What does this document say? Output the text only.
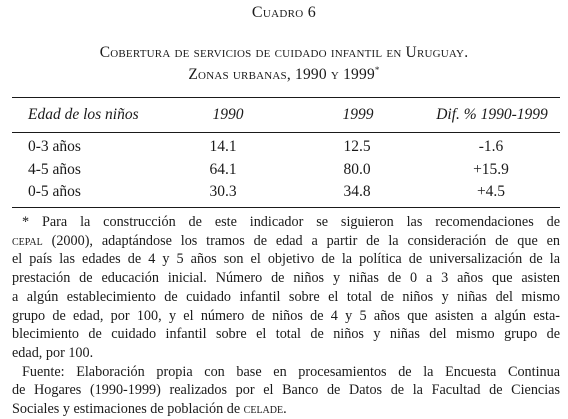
Cuadro 6
Cobertura de servicios de cuidado infantil en Uruguay.
Zonas urbanas, 1990 y 1999*
Edad de los niños	1990	1999	Dif. % 1990-1999
0-3 años	14.1	12.5	-1.6
4-5 años	64.1	80.0	+15.9
0-5 años	30.3	34.8	+4.5
* Para la construcción de este indicador se siguieron las recomendaciones de
cepal (2000), adaptándose los tramos de edad a partir de la consideración de que en
el país las edades de 4 y 5 años son el objetivo de la política de universalización de la
prestación de educación inicial. Número de niños y niñas de 0 a 3 años que asisten
a algún establecimiento de cuidado infantil sobre el total de niños y niñas del mismo
grupo de edad, por 100, y el número de niños de 4 y 5 años que asisten a algún esta-
blecimiento de cuidado infantil sobre el total de niños y niñas del mismo grupo de
edad, por 100.
Fuente: Elaboración propia con base en procesamientos de la Encuesta Continua
de Hogares (1990-1999) realizados por el Banco de Datos de la Facultad de Ciencias
Sociales y estimaciones de población de celade.
